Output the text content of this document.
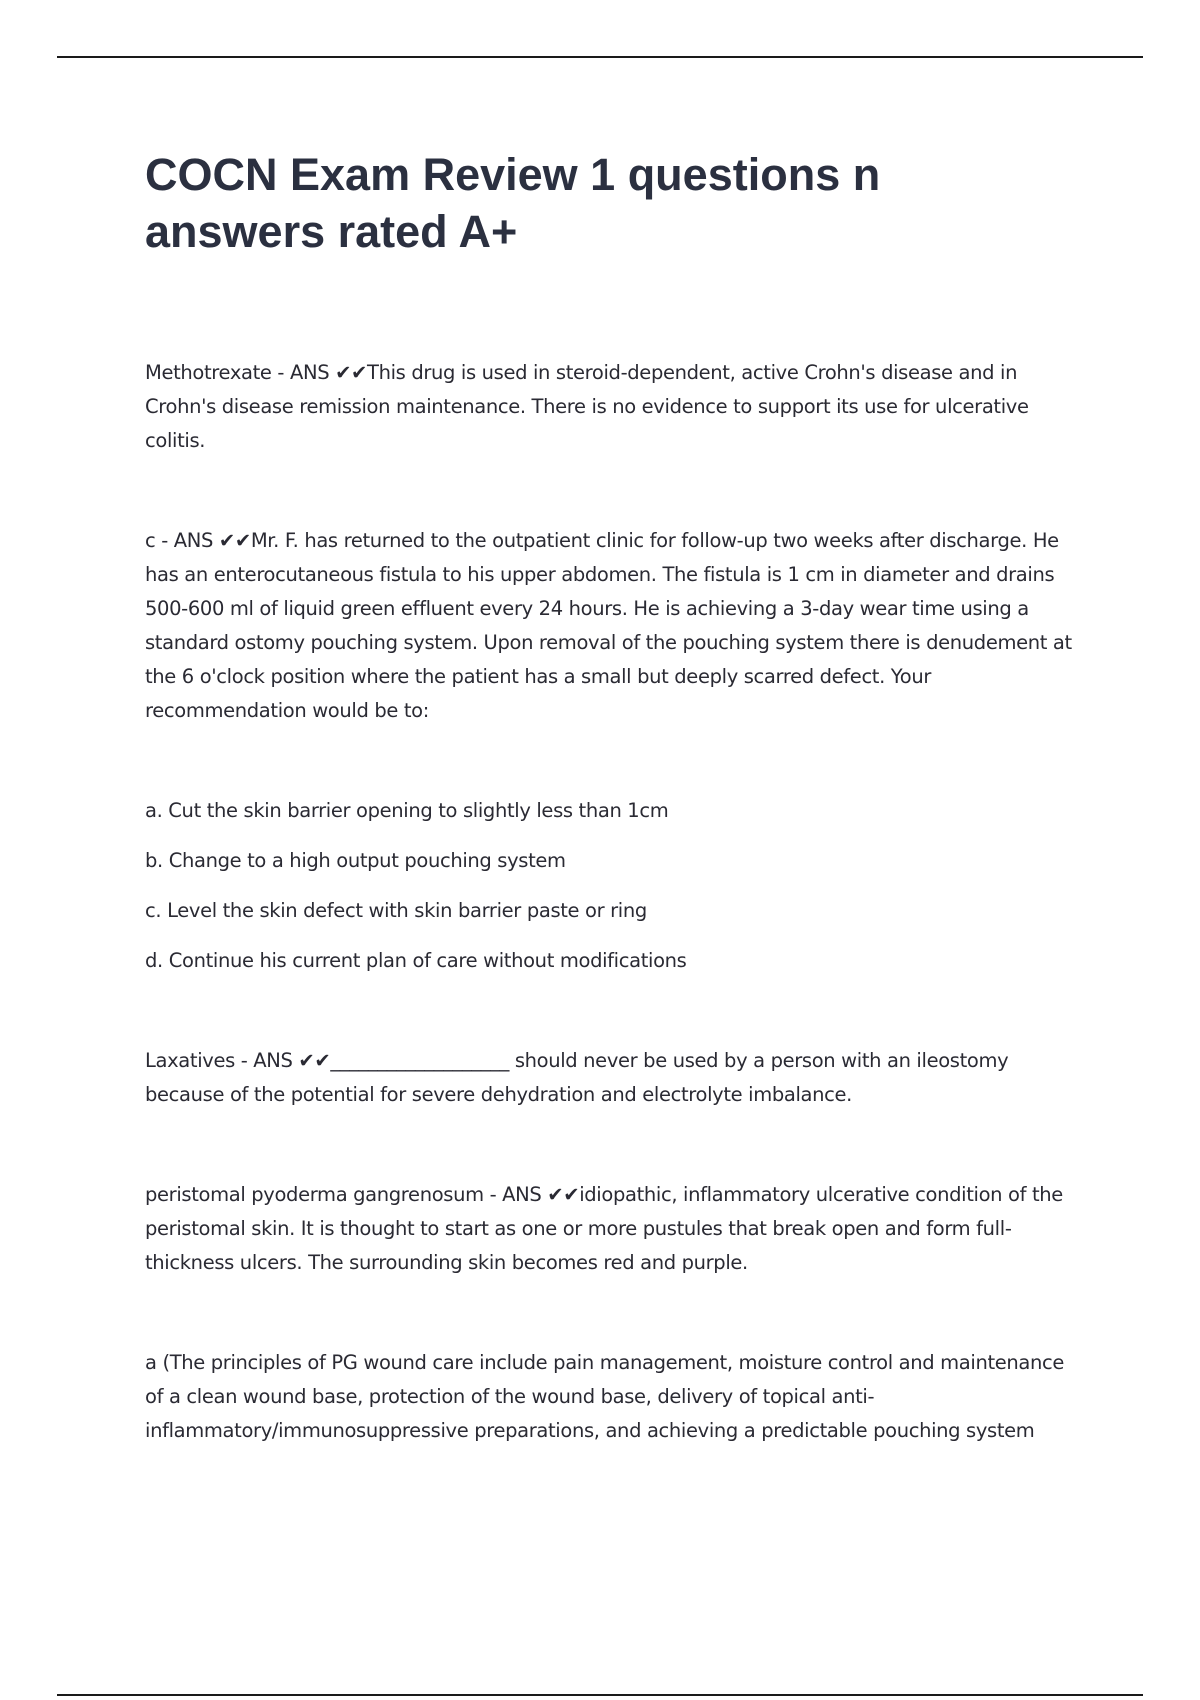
COCN Exam Review 1 questions n answers rated A+

Methotrexate - ANS ✔✔This drug is used in steroid-dependent, active Crohn's disease and in Crohn's disease remission maintenance. There is no evidence to support its use for ulcerative colitis.

c - ANS ✔✔Mr. F. has returned to the outpatient clinic for follow-up two weeks after discharge. He has an enterocutaneous fistula to his upper abdomen. The fistula is 1 cm in diameter and drains 500-600 ml of liquid green effluent every 24 hours. He is achieving a 3-day wear time using a standard ostomy pouching system. Upon removal of the pouching system there is denudement at the 6 o'clock position where the patient has a small but deeply scarred defect. Your recommendation would be to:

a. Cut the skin barrier opening to slightly less than 1cm

b. Change to a high output pouching system

c. Level the skin defect with skin barrier paste or ring

d. Continue his current plan of care without modifications

Laxatives - ANS ✔✔___________________ should never be used by a person with an ileostomy because of the potential for severe dehydration and electrolyte imbalance.

peristomal pyoderma gangrenosum - ANS ✔✔idiopathic, inflammatory ulcerative condition of the peristomal skin. It is thought to start as one or more pustules that break open and form full-thickness ulcers. The surrounding skin becomes red and purple.

a (The principles of PG wound care include pain management, moisture control and maintenance of a clean wound base, protection of the wound base, delivery of topical anti-inflammatory/immunosuppressive preparations, and achieving a predictable pouching system
